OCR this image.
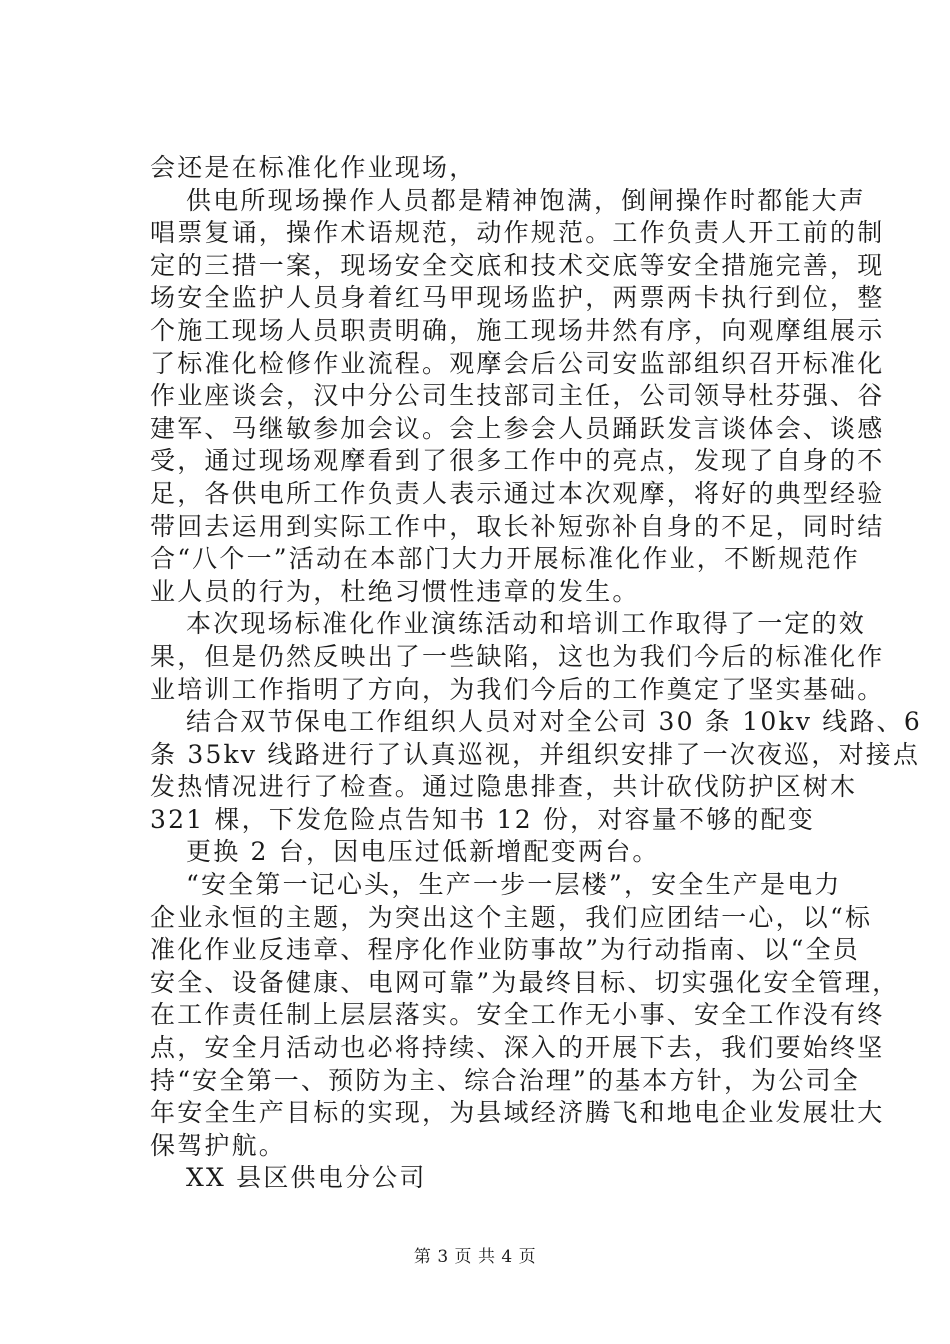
会还是在标准化作业现场，
供电所现场操作人员都是精神饱满，倒闸操作时都能大声
唱票复诵，操作术语规范，动作规范。工作负责人开工前的制
定的三措一案，现场安全交底和技术交底等安全措施完善，现
场安全监护人员身着红马甲现场监护，两票两卡执行到位，整
个施工现场人员职责明确，施工现场井然有序，向观摩组展示
了标准化检修作业流程。观摩会后公司安监部组织召开标准化
作业座谈会，汉中分公司生技部司主任，公司领导杜芬强、谷
建军、马继敏参加会议。会上参会人员踊跃发言谈体会、谈感
受，通过现场观摩看到了很多工作中的亮点，发现了自身的不
足，各供电所工作负责人表示通过本次观摩，将好的典型经验
带回去运用到实际工作中，取长补短弥补自身的不足，同时结
合“八个一”活动在本部门大力开展标准化作业，不断规范作
业人员的行为，杜绝习惯性违章的发生。
本次现场标准化作业演练活动和培训工作取得了一定的效
果，但是仍然反映出了一些缺陷，这也为我们今后的标准化作
业培训工作指明了方向，为我们今后的工作奠定了坚实基础。
结合双节保电工作组织人员对对全公司 30 条 10kv 线路、6
条 35kv 线路进行了认真巡视，并组织安排了一次夜巡，对接点
发热情况进行了检查。通过隐患排查，共计砍伐防护区树木
321 棵，下发危险点告知书 12 份，对容量不够的配变
更换 2 台，因电压过低新增配变两台。
“安全第一记心头，生产一步一层楼”，安全生产是电力
企业永恒的主题，为突出这个主题，我们应团结一心，以“标
准化作业反违章、程序化作业防事故”为行动指南、以“全员
安全、设备健康、电网可靠”为最终目标、切实强化安全管理，
在工作责任制上层层落实。安全工作无小事、安全工作没有终
点，安全月活动也必将持续、深入的开展下去，我们要始终坚
持“安全第一、预防为主、综合治理”的基本方针，为公司全
年安全生产目标的实现，为县域经济腾飞和地电企业发展壮大
保驾护航。
XX 县区供电分公司
第 3 页 共 4 页
